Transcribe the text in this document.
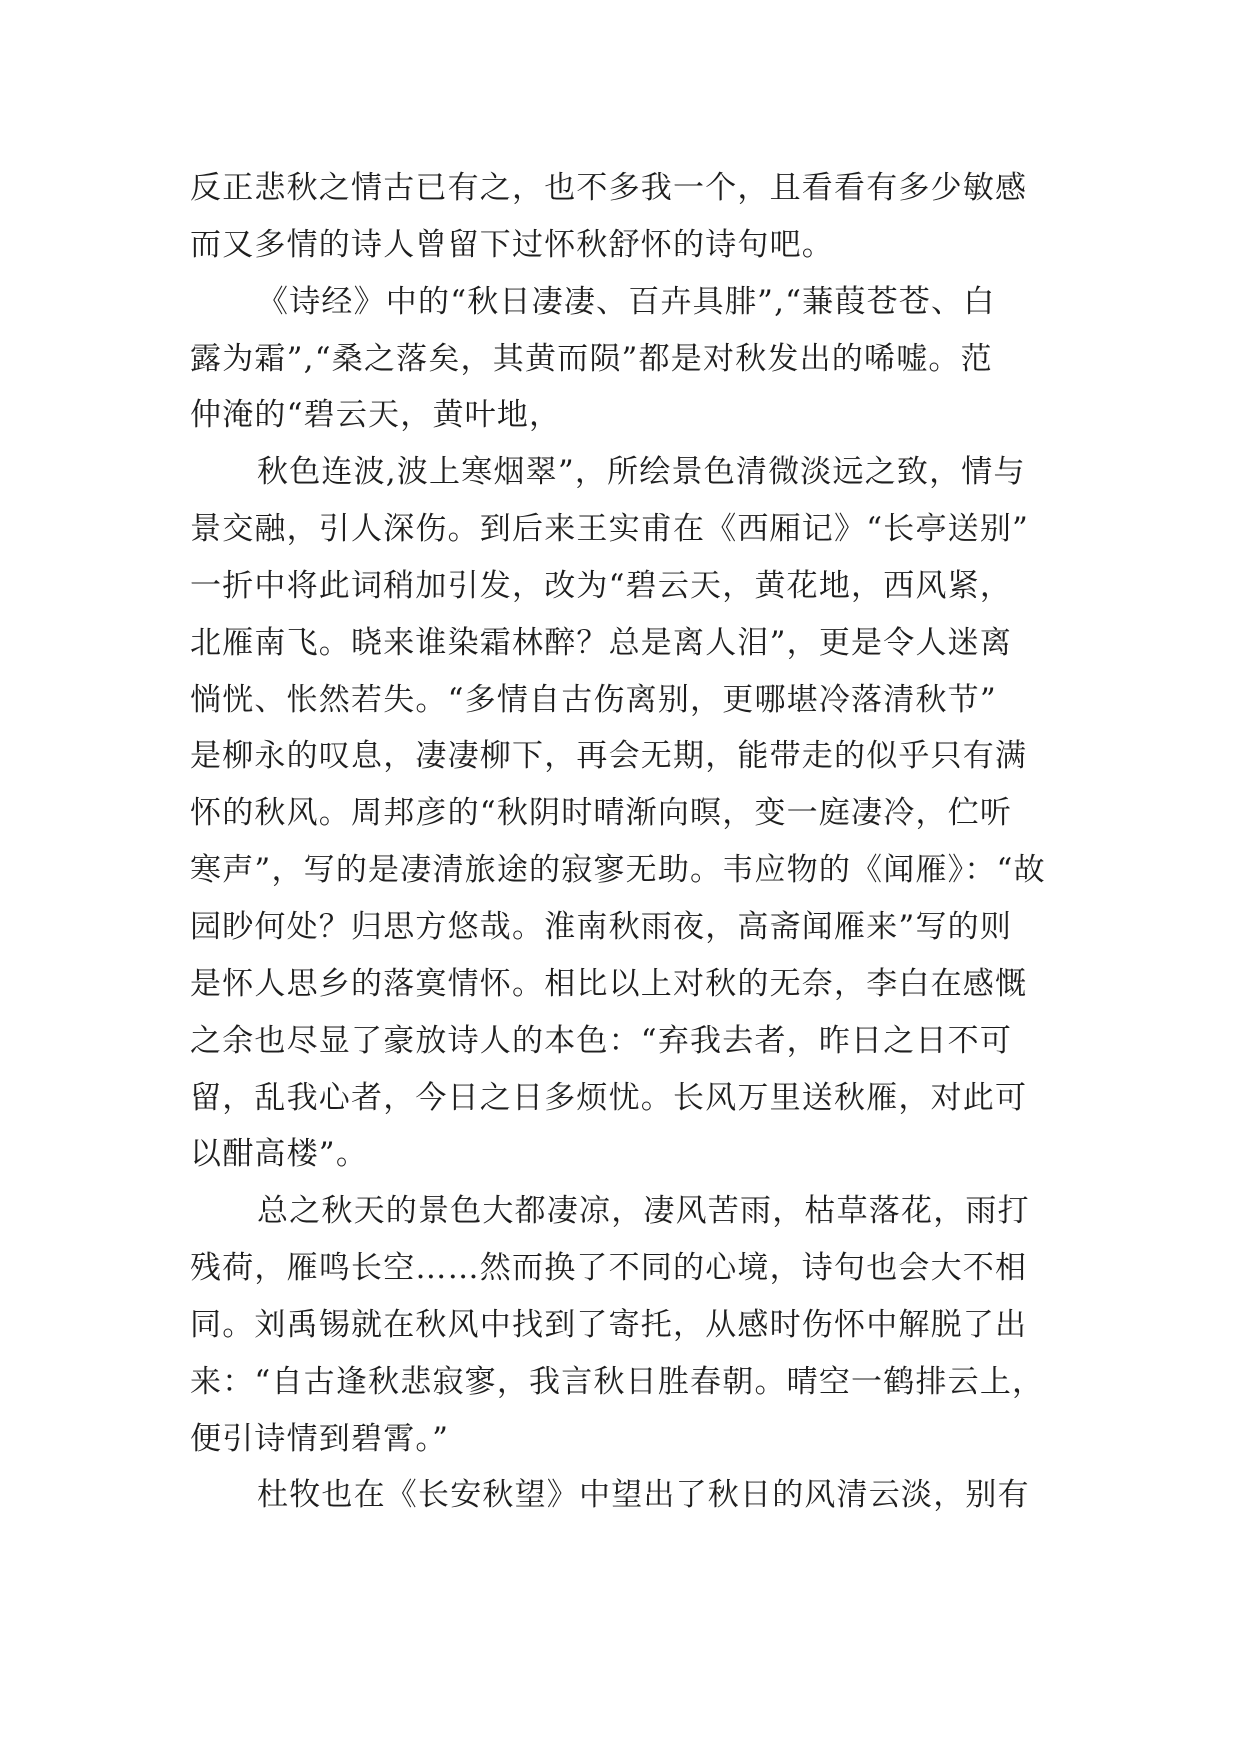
反正悲秋之情古已有之，也不多我一个，且看看有多少敏感
而又多情的诗人曾留下过怀秋舒怀的诗句吧。
《诗经》中的“秋日凄凄、百卉具腓”,“蒹葭苍苍、白
露为霜”,“桑之落矣，其黄而陨”都是对秋发出的唏嘘。范
仲淹的“碧云天，黄叶地，
秋色连波,波上寒烟翠”，所绘景色清微淡远之致，情与
景交融，引人深伤。到后来王实甫在《西厢记》“长亭送别”
一折中将此词稍加引发，改为“碧云天，黄花地，西风紧，
北雁南飞。晓来谁染霜林醉？总是离人泪”，更是令人迷离
惝恍、怅然若失。“多情自古伤离别，更哪堪冷落清秋节”
是柳永的叹息，凄凄柳下，再会无期，能带走的似乎只有满
怀的秋风。周邦彦的“秋阴时晴渐向暝，变一庭凄冷，伫听
寒声”，写的是凄清旅途的寂寥无助。韦应物的《闻雁》：“故
园眇何处？归思方悠哉。淮南秋雨夜，高斋闻雁来”写的则
是怀人思乡的落寞情怀。相比以上对秋的无奈，李白在感慨
之余也尽显了豪放诗人的本色：“弃我去者，昨日之日不可
留，乱我心者，今日之日多烦忧。长风万里送秋雁，对此可
以酣高楼”。
总之秋天的景色大都凄凉，凄风苦雨，枯草落花，雨打
残荷，雁鸣长空……然而换了不同的心境，诗句也会大不相
同。刘禹锡就在秋风中找到了寄托，从感时伤怀中解脱了出
来：“自古逢秋悲寂寥，我言秋日胜春朝。晴空一鹤排云上，
便引诗情到碧霄。”
杜牧也在《长安秋望》中望出了秋日的风清云淡，别有
